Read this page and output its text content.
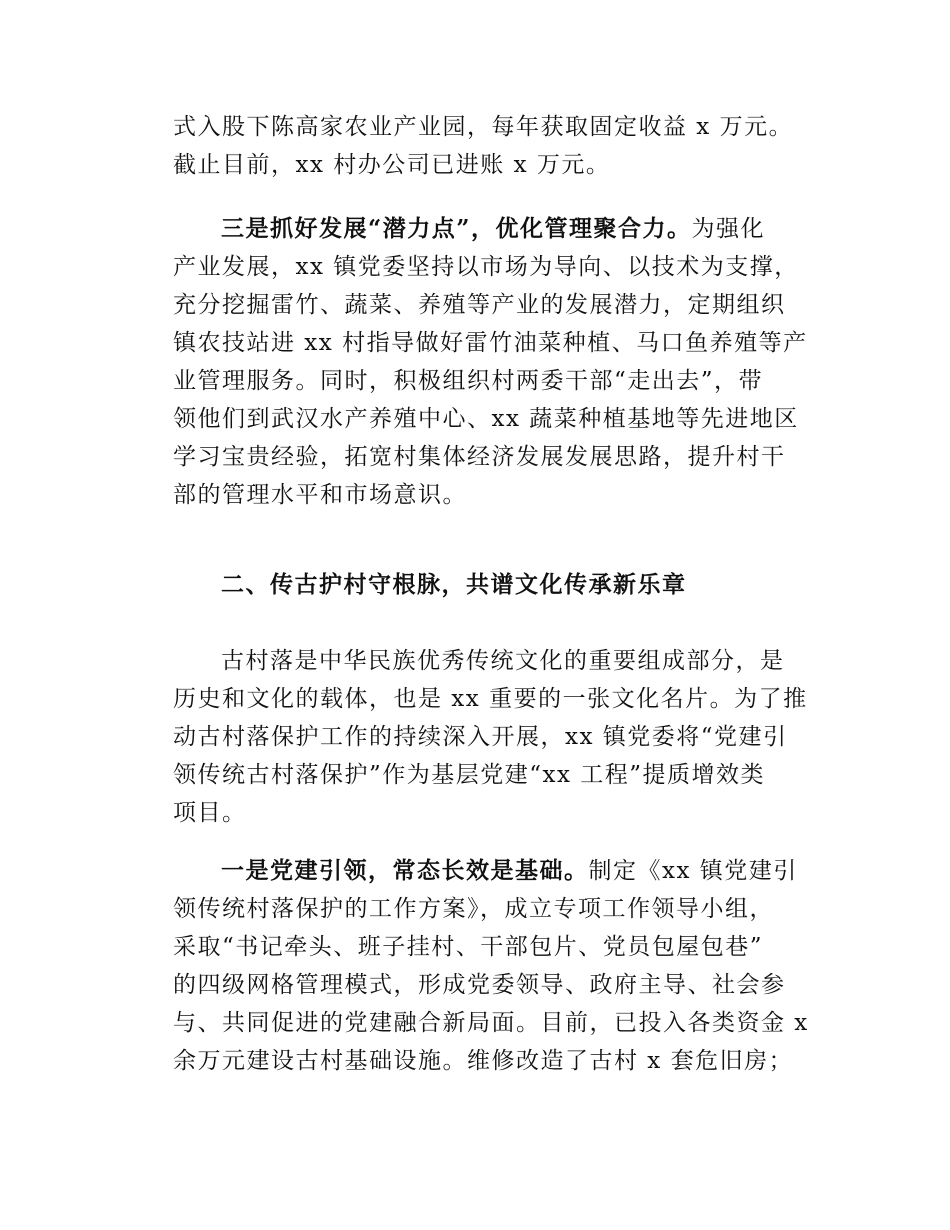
式入股下陈高家农业产业园，每年获取固定收益 x 万元。
截止目前，xx 村办公司已进账 x 万元。
三是抓好发展“潜力点”，优化管理聚合力。为强化
产业发展，xx 镇党委坚持以市场为导向、以技术为支撑，
充分挖掘雷竹、蔬菜、养殖等产业的发展潜力，定期组织
镇农技站进 xx 村指导做好雷竹油菜种植、马口鱼养殖等产
业管理服务。同时，积极组织村两委干部“走出去”，带
领他们到武汉水产养殖中心、xx 蔬菜种植基地等先进地区
学习宝贵经验，拓宽村集体经济发展发展思路，提升村干
部的管理水平和市场意识。
二、传古护村守根脉，共谱文化传承新乐章
古村落是中华民族优秀传统文化的重要组成部分，是
历史和文化的载体，也是 xx 重要的一张文化名片。为了推
动古村落保护工作的持续深入开展，xx 镇党委将“党建引
领传统古村落保护”作为基层党建“xx 工程”提质增效类
项目。
一是党建引领，常态长效是基础。制定《xx 镇党建引
领传统村落保护的工作方案》，成立专项工作领导小组，
采取“书记牵头、班子挂村、干部包片、党员包屋包巷”
的四级网格管理模式，形成党委领导、政府主导、社会参
与、共同促进的党建融合新局面。目前，已投入各类资金 x
余万元建设古村基础设施。维修改造了古村 x 套危旧房；
